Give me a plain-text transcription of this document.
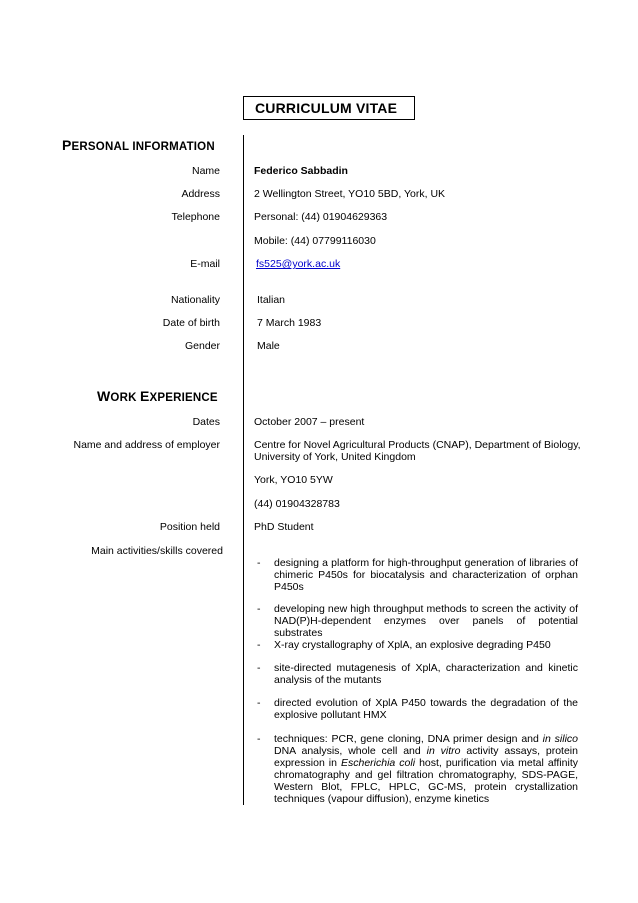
CURRICULUM VITAE
PERSONAL INFORMATION
Name
Address
Telephone
E-mail
Nationality
Date of birth
Gender
Federico Sabbadin
2 Wellington Street, YO10 5BD, York, UK
Personal: (44) 01904629363
Mobile: (44) 07799116030
fs525@york.ac.uk
Italian
7 March 1983
Male
WORK EXPERIENCE
Dates
Name and address of employer
Position held
Main activities/skills covered
October 2007 – present
Centre for Novel Agricultural Products (CNAP), Department of Biology,
University of York, United Kingdom
York, YO10 5YW
(44) 01904328783
PhD Student
- designing a platform for high-throughput generation of libraries of chimeric P450s for biocatalysis and characterization of orphan P450s
- developing new high throughput methods to screen the activity of NAD(P)H-dependent enzymes over panels of potential substrates
- X-ray crystallography of XplA, an explosive degrading P450
- site-directed mutagenesis of XplA, characterization and kinetic analysis of the mutants
- directed evolution of XplA P450 towards the degradation of the explosive pollutant HMX
- techniques: PCR, gene cloning, DNA primer design and in silico DNA analysis, whole cell and in vitro activity assays, protein expression in Escherichia coli host, purification via metal affinity chromatography and gel filtration chromatography, SDS-PAGE, Western Blot, FPLC, HPLC, GC-MS, protein crystallization techniques (vapour diffusion), enzyme kinetics
